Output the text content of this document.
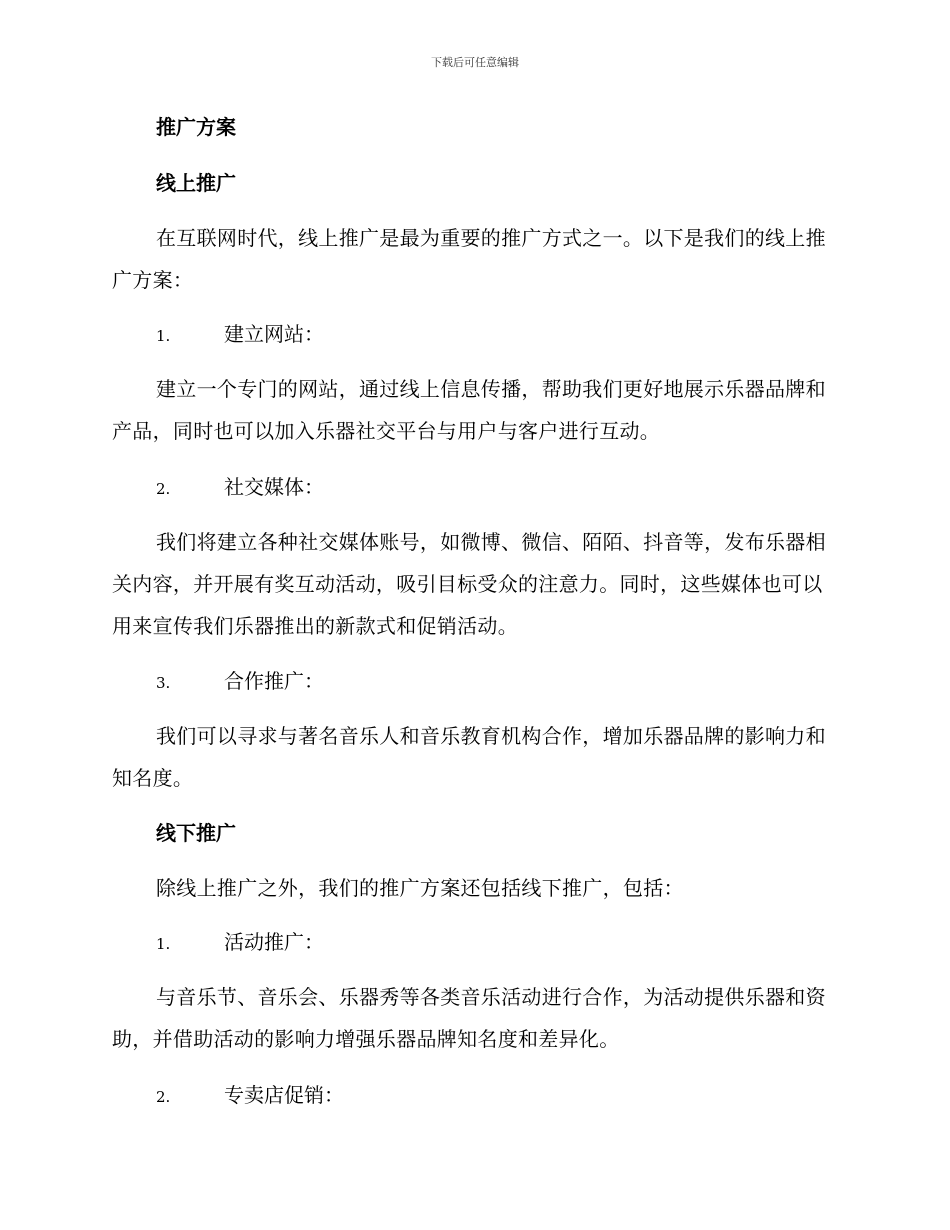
下载后可任意编辑
推广方案
线上推广
在互联网时代，线上推广是最为重要的推广方式之一。以下是我们的线上推广方案：
1.	建立网站：
建立一个专门的网站，通过线上信息传播，帮助我们更好地展示乐器品牌和产品，同时也可以加入乐器社交平台与用户与客户进行互动。
2.	社交媒体：
我们将建立各种社交媒体账号，如微博、微信、陌陌、抖音等，发布乐器相关内容，并开展有奖互动活动，吸引目标受众的注意力。同时，这些媒体也可以用来宣传我们乐器推出的新款式和促销活动。
3.	合作推广：
我们可以寻求与著名音乐人和音乐教育机构合作，增加乐器品牌的影响力和知名度。
线下推广
除线上推广之外，我们的推广方案还包括线下推广，包括：
1.	活动推广：
与音乐节、音乐会、乐器秀等各类音乐活动进行合作，为活动提供乐器和资助，并借助活动的影响力增强乐器品牌知名度和差异化。
2.	专卖店促销：
